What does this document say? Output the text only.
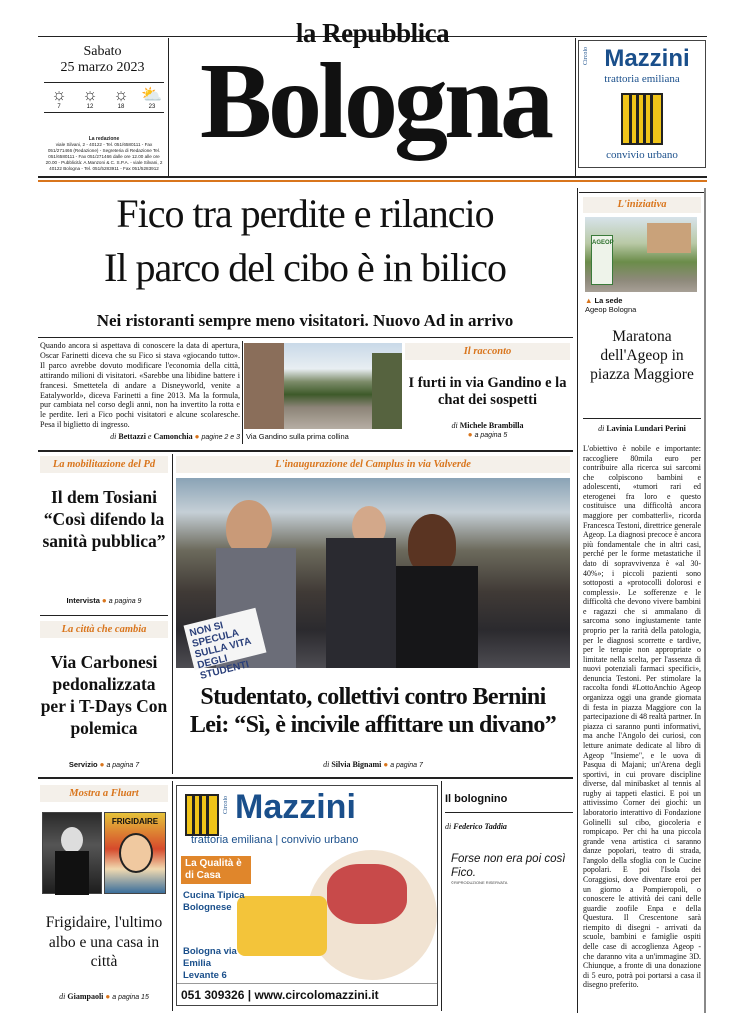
la Repubblica
Bologna
Sabato
25 marzo 2023
☼
7
☼
12
☼
18
⛅
23
La redazione
viale Silvani, 2 - 40122 - Tel. 051/6580111 - Fax 051/271466 (Redazione) - Segreteria di Redazione Tel. 051/6580111 - Fax 051/271466 dalle ore 12.00 alle ore 20.00 - Pubblicità: A.Manzoni & C. S.P.A. - viale Silvani, 2 40122 Bologna - Tel. 051/5283911 - Fax 051/5283912
Circolo Mazzini
trattoria emiliana
convivio urbano
Fico tra perdite e rilancio
Il parco del cibo è in bilico
Nei ristoranti sempre meno visitatori. Nuovo Ad in arrivo
Quando ancora si aspettava di conoscere la data di apertura, Oscar Farinetti diceva che su Fico si stava «giocando tutto». Il parco avrebbe dovuto modificare l'economia della città, attirando milioni di visitatori. «Sarebbe una libidine battere i francesi. Smettetela di andare a Disneyworld, venite a Eatalyworld», diceva Farinetti a fine 2013. Ma la formula, pur cambiata nel corso degli anni, non ha invertito la rotta e le perdite. Ieri a Fico pochi visitatori e alcune scolaresche. Pesa il biglietto di ingresso.
di Bettazzi e Camonchia ● pagine 2 e 3 Via Gandino sulla prima collina
Il racconto
I furti in via Gandino e la chat dei sospetti
di Michele Brambilla
● a pagina 5
La mobilitazione del Pd
Il dem Tosiani “Così difendo la sanità pubblica”
Intervista ● a pagina 9
La città che cambia
Via Carbonesi pedonalizzata per i T-Days Con polemica
Servizio ● a pagina 7
L'inaugurazione del Camplus in via Valverde
NON SI SPECULA SULLA VITA DEGLI STUDENTI
Studentato, collettivi contro Bernini
Lei: “Sì, è incivile affittare un divano”
di Silvia Bignami ● a pagina 7
L'iniziativa
AGEOP
▲ La sede
Ageop Bologna
Maratona dell'Ageop in piazza Maggiore
di Lavinia Lundari Perini
L'obiettivo è nobile e importante: raccogliere 80mila euro per contribuire alla ricerca sui sarcomi che colpiscono bambini e adolescenti, «tumori rari ed eterogenei fra loro e questo costituisce una difficoltà ancora maggiore per combatterli», ricorda Francesca Testoni, direttrice generale Ageop. La diagnosi precoce è ancora più fondamentale che in altri casi, perché per le forme metastatiche il dato di sopravvivenza è «al 30-40%»; i piccoli pazienti sono sottoposti a «protocolli dolorosi e complessi». Le sofferenze e le difficoltà che devono vivere bambini e ragazzi che si ammalano di sarcoma sono ingiustamente tante proprio per la rarità della patologia, per le diagnosi scorrette e tardive, per le terapie non appropriate o limitate nella scelta, per l'assenza di nuovi potenziali farmaci specifici», denuncia Testoni. Per stimolare la raccolta fondi #LottoAnchio Ageop organizza oggi una grande giornata di festa in piazza Maggiore con la partecipazione di 48 realtà partner. In piazza ci saranno punti informativi, ma anche l'Angolo dei curiosi, con letture animate dedicate al libro di Ageop "Insieme", e le uova di Pasqua di Majani; un'Arena degli sportivi, in cui provare discipline diverse, dal minibasket al tennis al rugby ai tappeti elastici. E poi un attivissimo Corner dei giochi: un laboratorio interattivo di Fondazione Golinelli sul cibo, giocoleria e rompicapo. Per chi ha una piccola grande vena artistica ci saranno danze popolari, teatro di strada, l'angolo della sfoglia con le Cucine popolari. E poi l'Isola dei Coraggiosi, dove diventare eroi per un giorno a Pompieropoli, o conoscere le attività dei cani delle guardie zoofile Enpa e della Questura. Il Crescentone sarà riempito di disegni - arrivati da scuole, bambini e famiglie ospiti delle case di accoglienza Ageop - che daranno vita a un'immagine 3D. Chiunque, a fronte di una donazione di 5 euro, potrà poi portarsi a casa il disegno preferito.
Mostra a Fluart
FRIGIDAIRE
Frigidaire, l'ultimo albo e una casa in città
di Giampaoli ● a pagina 15
Circolo Mazzini
trattoria emiliana | convivio urbano
La Qualità è di Casa
Cucina Tipica Bolognese
Bologna via Emilia Levante 6
051 309326 | www.circolomazzini.it
Il bolognino
di Federico Taddia
Forse non era poi così Fico.
©RIPRODUZIONE RISERVATA
